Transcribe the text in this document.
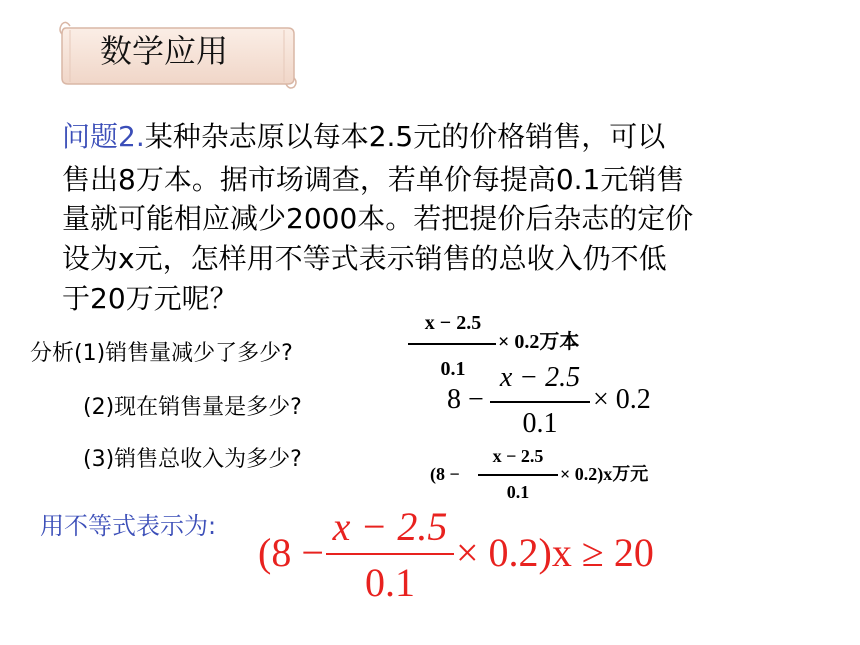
数学应用
问题2.某种杂志原以每本2.5元的价格销售，可以
售出8万本。据市场调查，若单价每提高0.1元销售
量就可能相应减少2000本。若把提价后杂志的定价
设为x元，怎样用不等式表示销售的总收入仍不低
于20万元呢？
分析(1)销售量减少了多少?
(2)现在销售量是多少?
(3)销售总收入为多少?
x − 2.5
0.1
× 0.2万本
8 −
x − 2.5
0.1
× 0.2
(8 −
x − 2.5
0.1
× 0.2)x万元
用不等式表示为:
(8 −
x − 2.5
0.1
× 0.2)x ≥ 20
